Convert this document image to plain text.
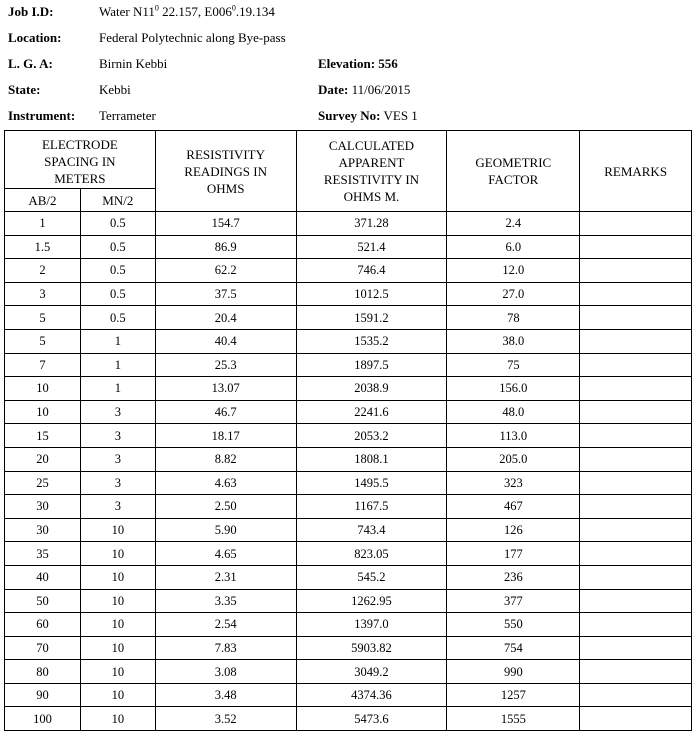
Job I.D:	Water $N11^0$ 22.157, $E006^0.19.134$
Location:	Federal Polytechnic along Bye-pass
L. G. A:	Birnin Kebbi	Elevation: 556
State:	Kebbi	Date: 11/06/2015
Instrument: Terrameter	Survey No: VES 1
ELECTRODE SPACING IN METERS		RESISTIVITY READINGS IN OHMS	CALCULATED APPARENT RESISTIVITY IN OHMS M.	GEOMETRIC FACTOR	REMARKS
AB/2	MN/2				
1	0.5	154.7	371.28	2.4	
1.5	0.5	86.9	521.4	6.0	
2	0.5	62.2	746.4	12.0	
3	0.5	37.5	1012.5	27.0	
5	0.5	20.4	1591.2	78	
5	1	40.4	1535.2	38.0	
7	1	25.3	1897.5	75	
10	1	13.07	2038.9	156.0	
10	3	46.7	2241.6	48.0	
15	3	18.17	2053.2	113.0	
20	3	8.82	1808.1	205.0	
25	3	4.63	1495.5	323	
30	3	2.50	1167.5	467	
30	10	5.90	743.4	126	
35	10	4.65	823.05	177	
40	10	2.31	545.2	236	
50	10	3.35	1262.95	377	
60	10	2.54	1397.0	550	
70	10	7.83	5903.82	754	
80	10	3.08	3049.2	990	
90	10	3.48	4374.36	1257	
100	10	3.52	5473.6	1555	
